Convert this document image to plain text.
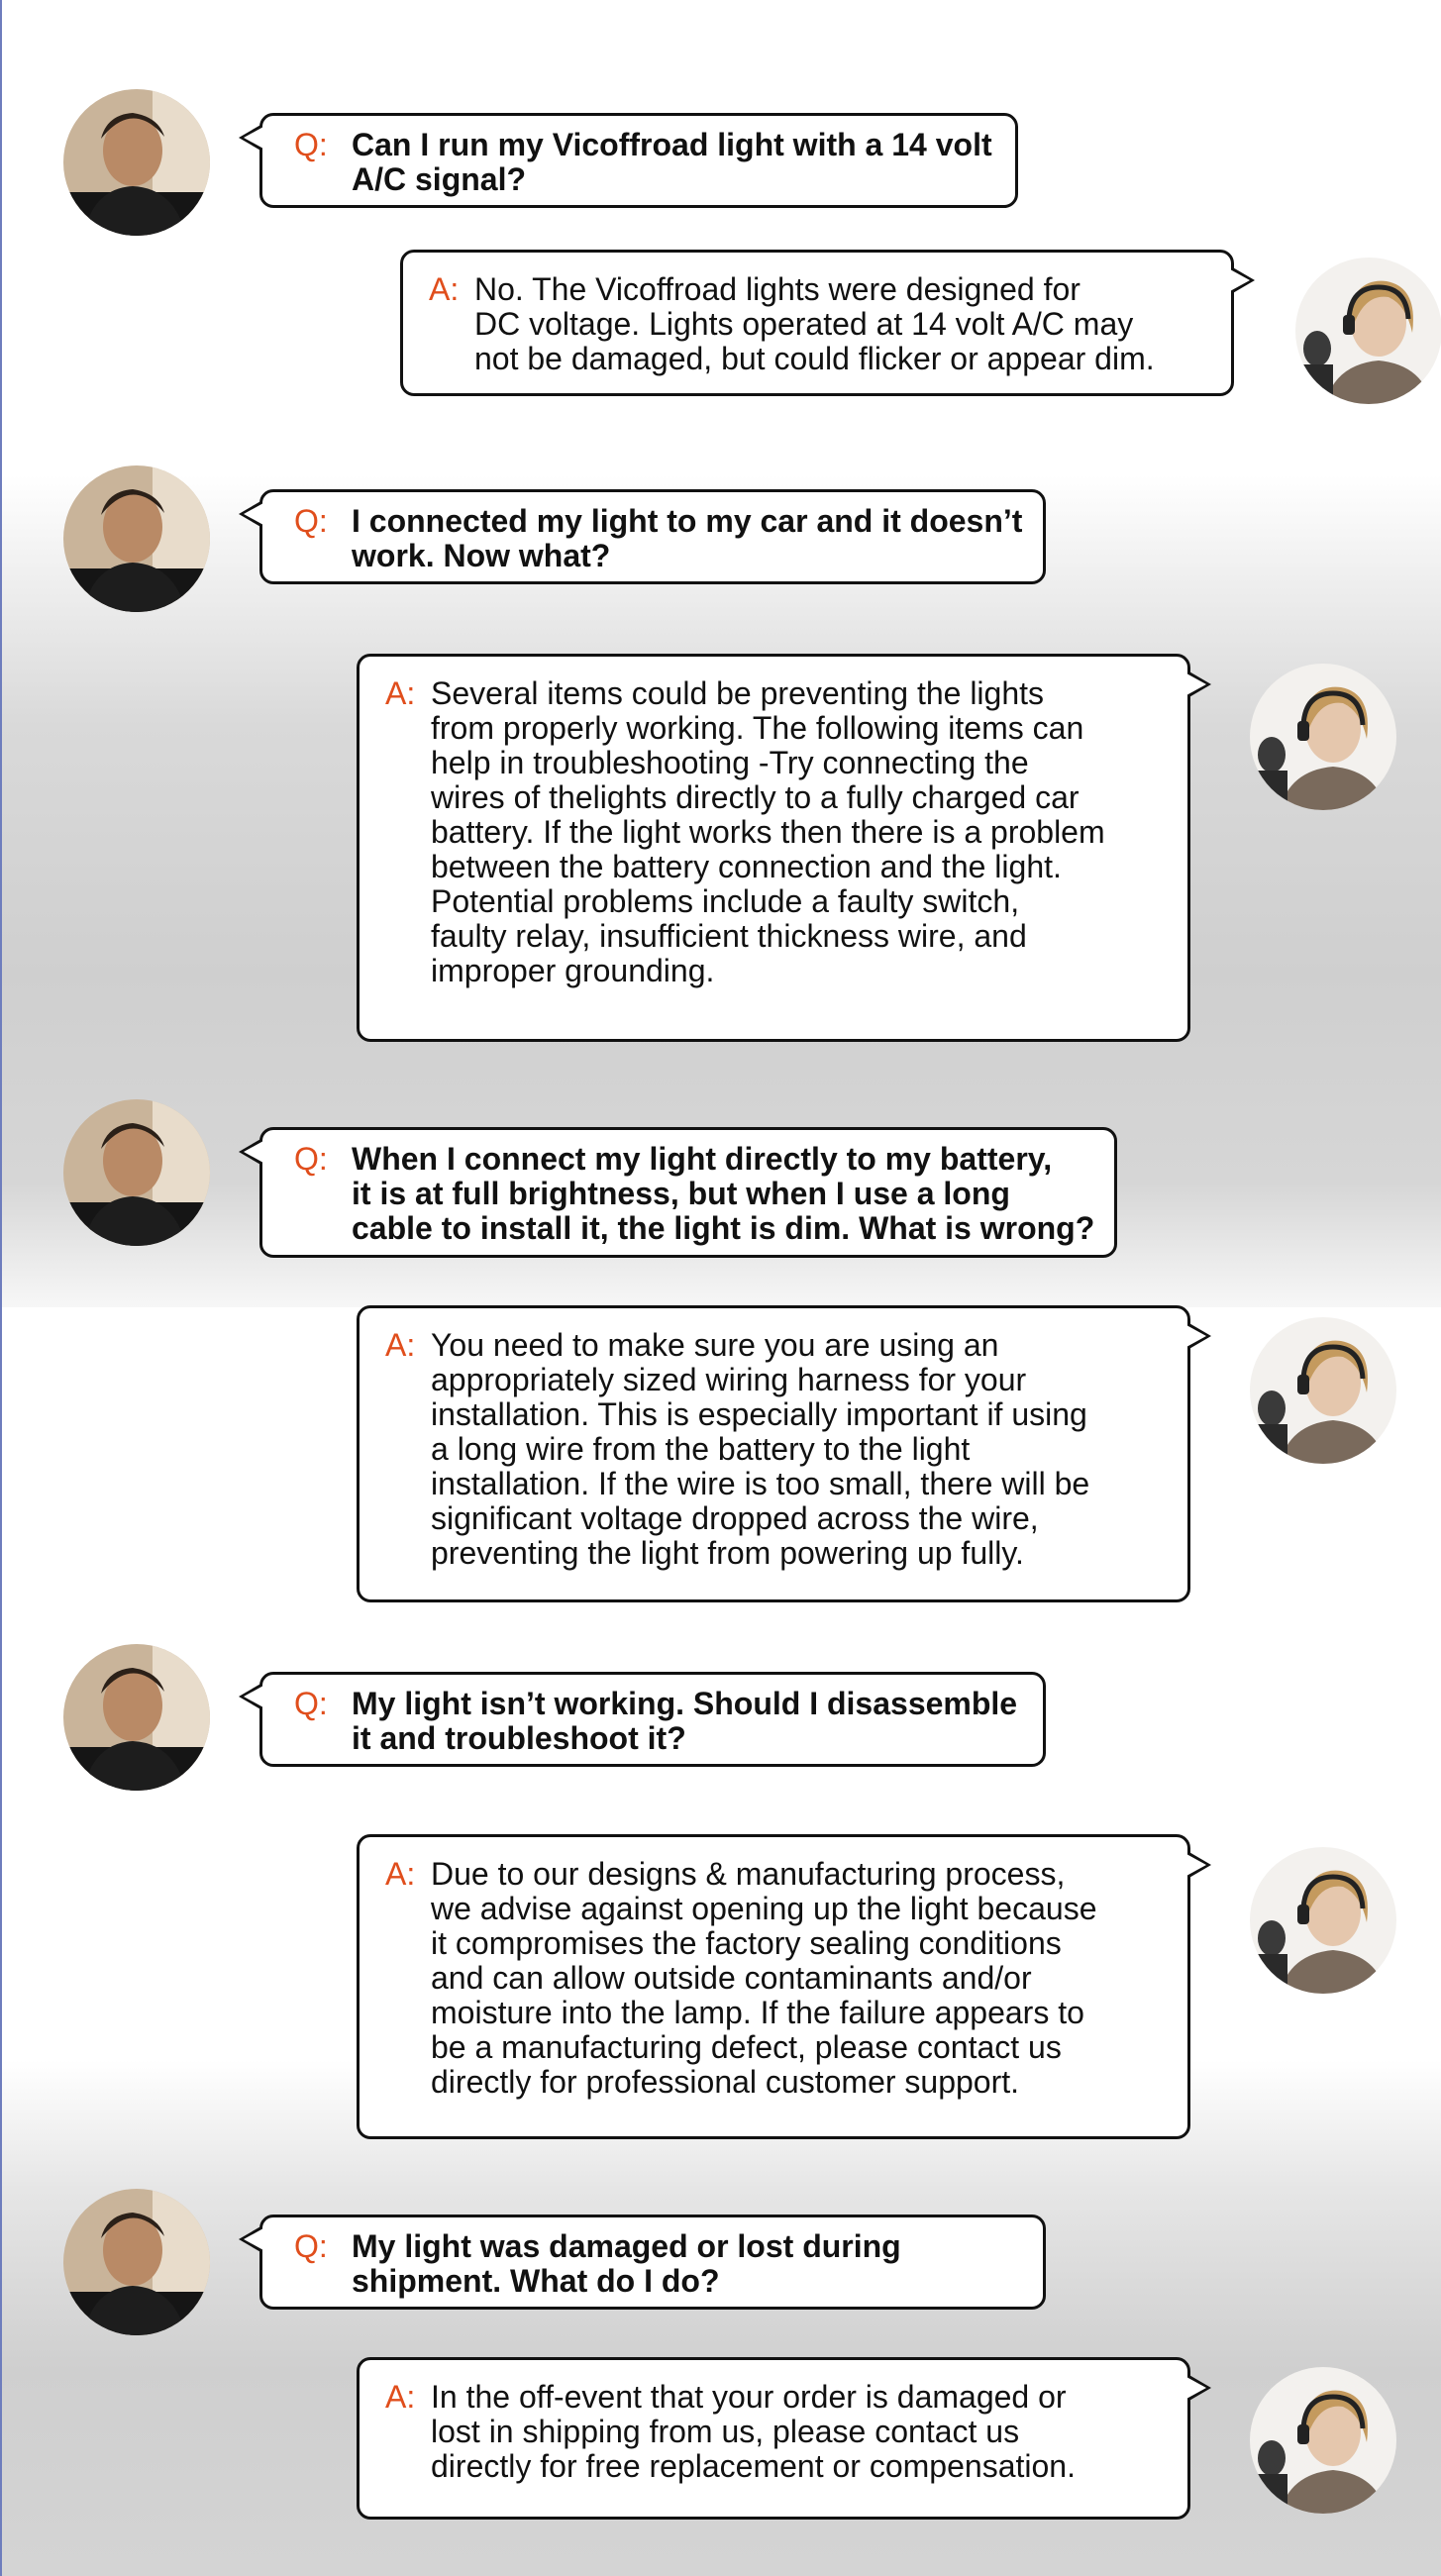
Q: Can I run my Vicoffroad light with a 14 volt
A/C signal?
A: No. The Vicoffroad lights were designed for
DC voltage. Lights operated at 14 volt A/C may
not be damaged, but could flicker or appear dim.
Q: I connected my light to my car and it doesn’t
work. Now what?
A: Several items could be preventing the lights
from properly working. The following items can
help in troubleshooting -Try connecting the
wires of thelights directly to a fully charged car
battery. If the light works then there is a problem
between the battery connection and the light.
Potential problems include a faulty switch,
faulty relay, insufficient thickness wire, and
improper grounding.
Q: When I connect my light directly to my battery,
it is at full brightness, but when I use a long
cable to install it, the light is dim. What is wrong?
A: You need to make sure you are using an
appropriately sized wiring harness for your
installation. This is especially important if using
a long wire from the battery to the light
installation. If the wire is too small, there will be
significant voltage dropped across the wire,
preventing the light from powering up fully.
Q: My light isn’t working. Should I disassemble
it and troubleshoot it?
A: Due to our designs & manufacturing process,
we advise against opening up the light because
it compromises the factory sealing conditions
and can allow outside contaminants and/or
moisture into the lamp. If the failure appears to
be a manufacturing defect, please contact us
directly for professional customer support.
Q: My light was damaged or lost during
shipment. What do I do?
A: In the off-event that your order is damaged or
lost in shipping from us, please contact us
directly for free replacement or compensation.
